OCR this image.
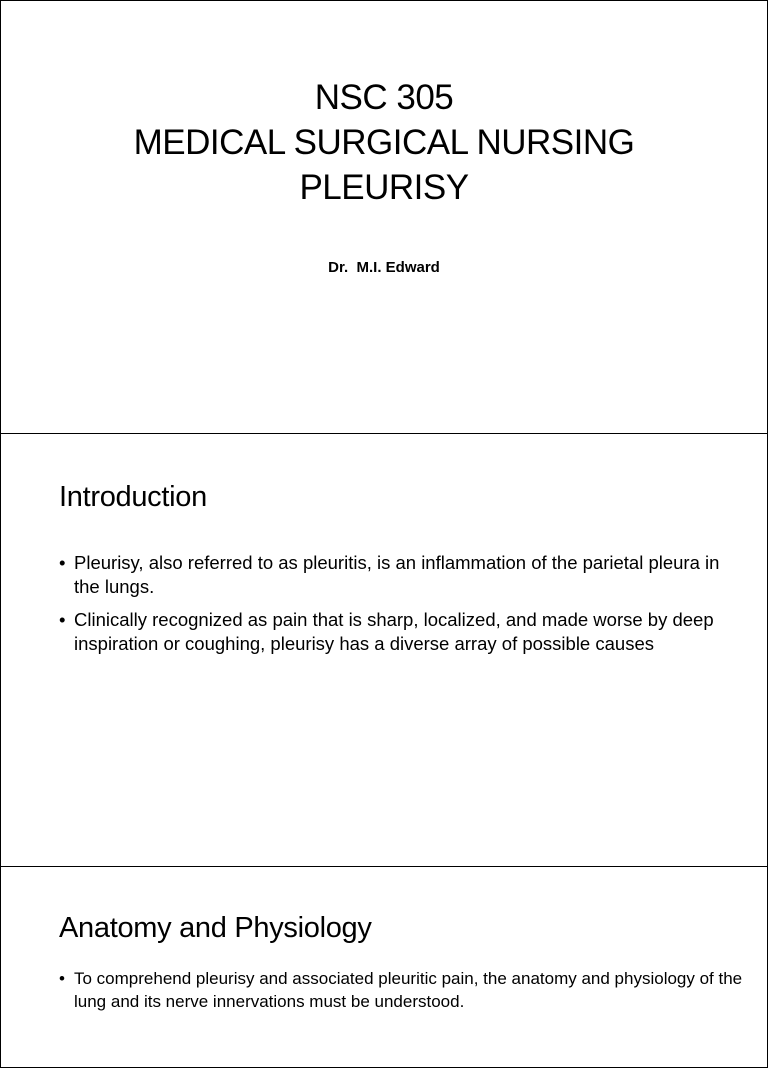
NSC 305
MEDICAL SURGICAL NURSING
PLEURISY
Dr.  M.I. Edward
Introduction
• Pleurisy, also referred to as pleuritis, is an inflammation of the parietal pleura in the lungs.
• Clinically recognized as pain that is sharp, localized, and made worse by deep inspiration or coughing, pleurisy has a diverse array of possible causes
Anatomy and Physiology
• To comprehend pleurisy and associated pleuritic pain, the anatomy and physiology of the lung and its nerve innervations must be understood.
